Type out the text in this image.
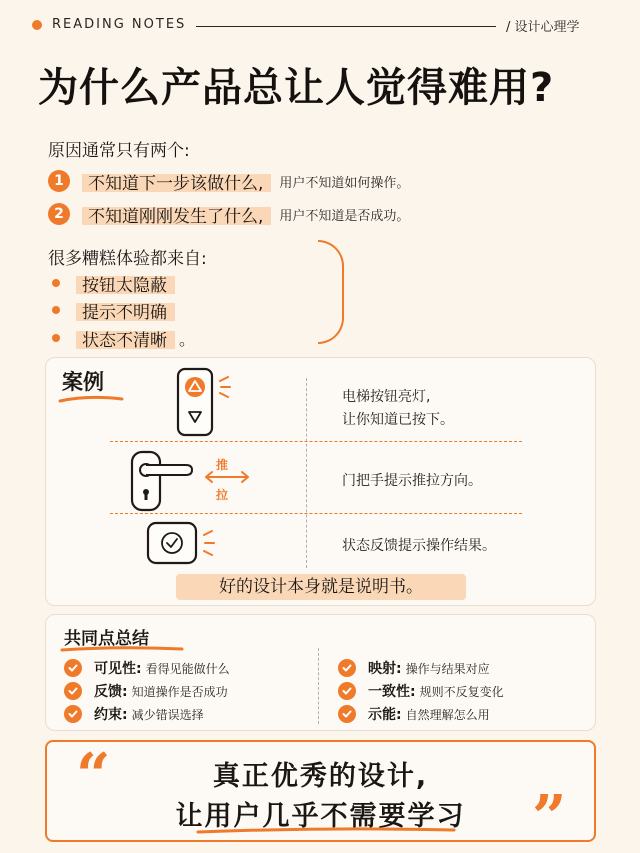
READING NOTES	/ 设计心理学
为什么产品总让人觉得难用?
原因通常只有两个:
1	不知道下一步该做什么,	用户不知道如何操作。
2	不知道刚刚发生了什么,	用户不知道是否成功。
很多糟糕体验都来自:
按钮太隐蔽
提示不明确
状态不清晰 。
案例
电梯按钮亮灯,
让你知道已按下。
推
拉
门把手提示推拉方向。
状态反馈提示操作结果。
好的设计本身就是说明书。
共同点总结
可见性: 看得见能做什么
反馈: 知道操作是否成功
约束: 减少错误选择
映射: 操作与结果对应
一致性: 规则不反复变化
示能: 自然理解怎么用
“	真正优秀的设计,
让用户几乎不需要学习	”
